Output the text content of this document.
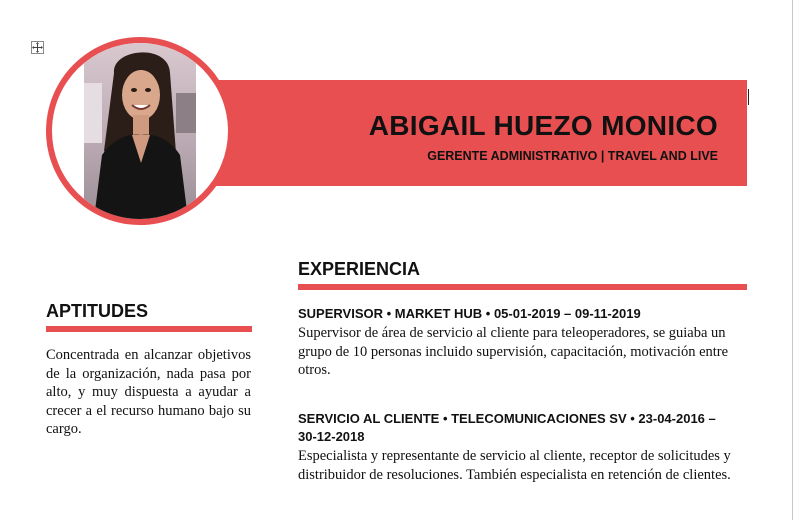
ABIGAIL HUEZO MONICO
GERENTE ADMINISTRATIVO | TRAVEL AND LIVE
EXPERIENCIA
APTITUDES
Concentrada en alcanzar objetivos de la organización, nada pasa por alto, y muy dispuesta a ayudar a crecer a el recurso humano bajo su cargo.
SUPERVISOR • MARKET HUB • 05-01-2019 – 09-11-2019
Supervisor de área de servicio al cliente para teleoperadores, se guiaba un grupo de 10 personas incluido supervisión, capacitación, motivación entre otros.
SERVICIO AL CLIENTE • TELECOMUNICACIONES SV • 23-04-2016 – 30-12-2018
Especialista y representante de servicio al cliente, receptor de solicitudes y distribuidor de resoluciones. También especialista en retención de clientes.
